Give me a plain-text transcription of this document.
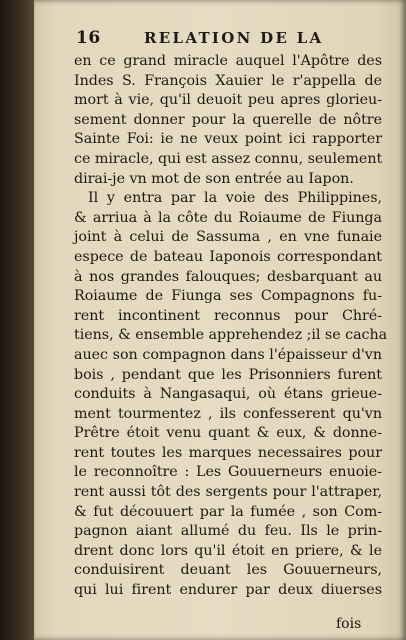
16	RELATION DE LA
en ce grand miracle auquel l'Apôtre des
Indes S. François Xauier le r'appella de
mort à vie, qu'il deuoit peu apres glorieu-
sement donner pour la querelle de nôtre
Sainte Foi: ie ne veux point ici rapporter
ce miracle, qui est assez connu, seulement
dirai-je vn mot de son entrée au Iapon.
Il y entra par la voie des Philippines,
& arriua à la côte du Roiaume de Fiunga
joint à celui de Sassuma , en vne funaie
espece de bateau Iaponois correspondant
à nos grandes falouques; desbarquant au
Roiaume de Fiunga ses Compagnons fu-
rent incontinent reconnus pour Chré-
tiens, & ensemble apprehendez ;il se cacha
auec son compagnon dans l'épaisseur d'vn
bois , pendant que les Prisonniers furent
conduits à Nangasaqui, où étans grieue-
ment tourmentez , ils confesserent qu'vn
Prêtre étoit venu quant & eux, & donne-
rent toutes les marques necessaires pour
le reconnoître : Les Gouuerneurs enuoie-
rent aussi tôt des sergents pour l'attraper,
& fut découuert par la fumée , son Com-
pagnon aiant allumé du feu. Ils le prin-
drent donc lors qu'il étoit en priere, & le
conduisirent deuant les Gouuerneurs,
qui lui firent endurer par deux diuerses
fois
